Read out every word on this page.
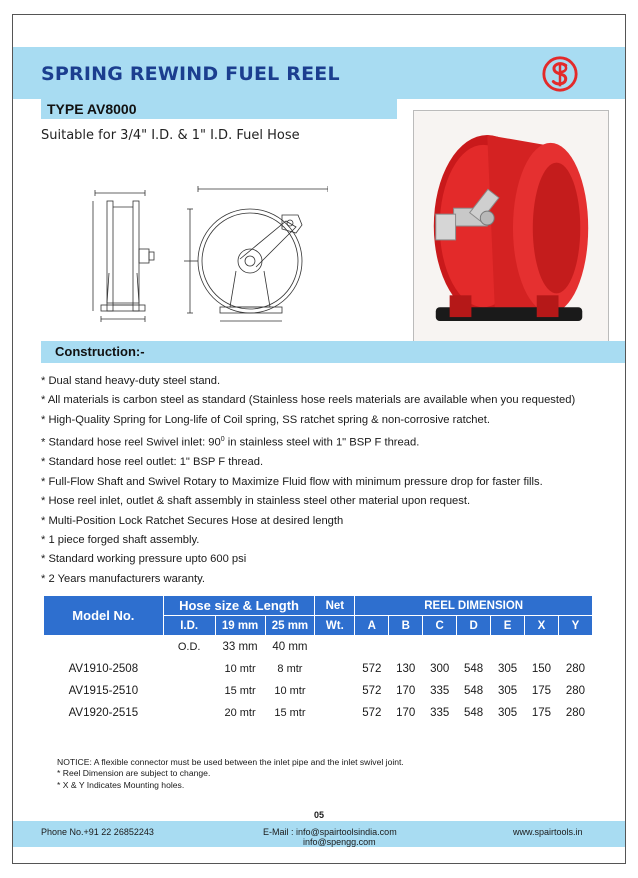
SPRING REWIND FUEL REEL
TYPE AV8000
Suitable for 3/4" I.D. & 1" I.D. Fuel Hose
Construction:-
* Dual stand heavy-duty steel stand.
* All materials is carbon steel as standard (Stainless hose reels materials are available when you requested)
* High-Quality Spring for Long-life of Coil spring, SS ratchet spring & non-corrosive ratchet.
* Standard hose reel Swivel inlet: $90^0$ in stainless steel with 1" BSP F thread.
* Standard hose reel outlet: 1" BSP F thread.
* Full-Flow Shaft and Swivel Rotary to Maximize Fluid flow with minimum pressure drop for faster fills.
* Hose reel inlet, outlet & shaft assembly in stainless steel other material upon request.
* Multi-Position Lock Ratchet Secures Hose at desired length
* 1 piece forged shaft assembly.
* Standard working pressure upto 600 psi
* 2 Years manufacturers waranty.
Model No.	Hose size & Length			Net	REEL DIMENSION						
	I.D.	19 mm	25 mm	Wt.	A	B	C	D	E	X	Y
	O.D.	33 mm	40 mm								
AV1910-2508		10 mtr	8 mtr		572	130	300	548	305	150	280
AV1915-2510		15 mtr	10 mtr		572	170	335	548	305	175	280
AV1920-2515		20 mtr	15 mtr		572	170	335	548	305	175	280
NOTICE: A flexible connector must be used between the inlet pipe and the inlet swivel joint.
* Reel Dimension are subject to change.
* X & Y Indicates Mounting holes.
05
Phone No.+91 22 26852243	E-Mail : info@spairtoolsindia.com
info@spengg.com
www.spairtools.in
